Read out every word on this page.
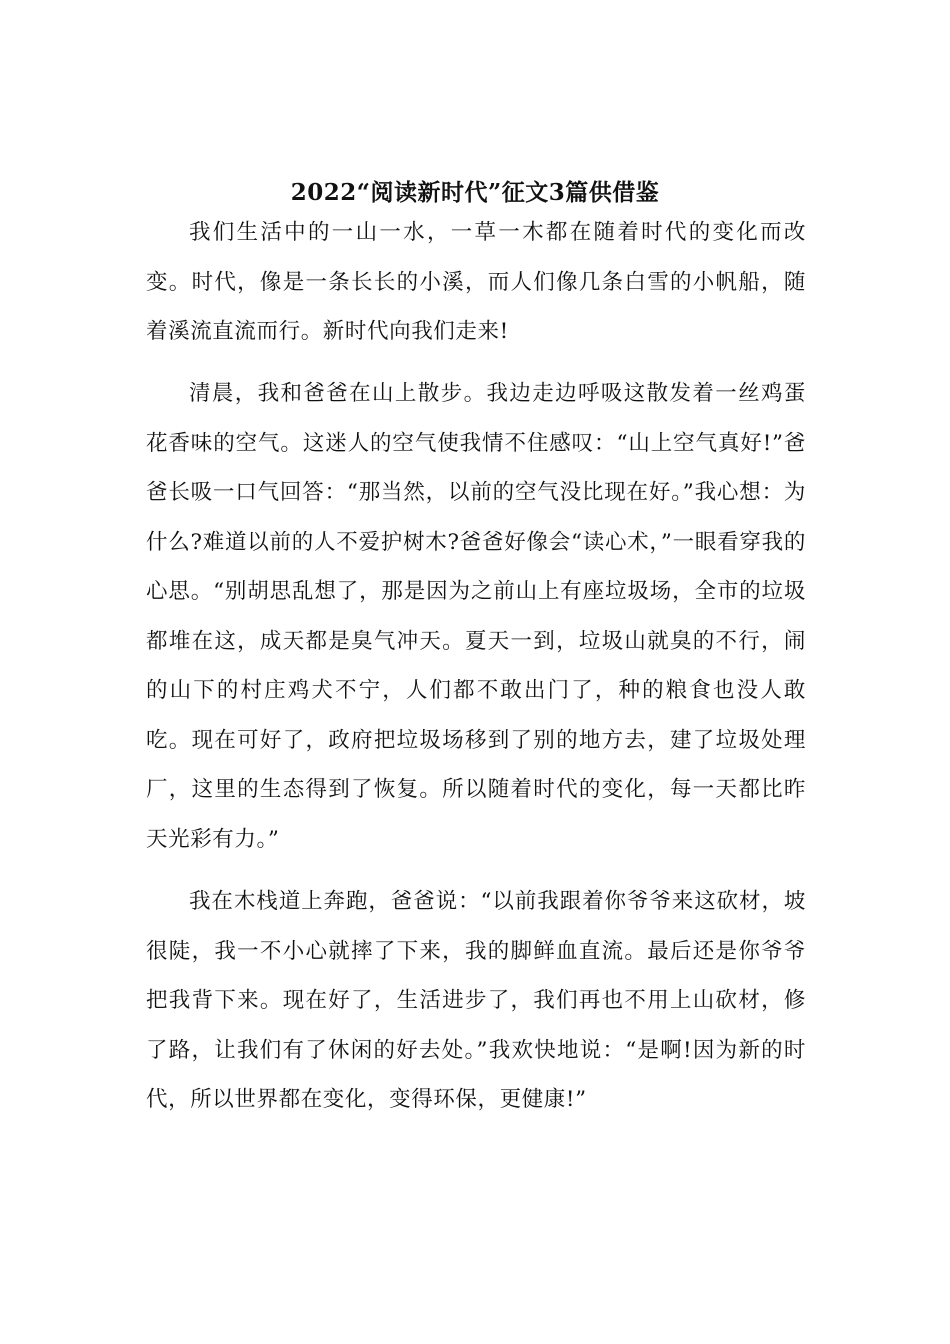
2022“阅读新时代”征文3篇供借鉴

我们生活中的一山一水，一草一木都在随着时代的变化而改变。时代，像是一条长长的小溪，而人们像几条白雪的小帆船，随着溪流直流而行。新时代向我们走来!

清晨，我和爸爸在山上散步。我边走边呼吸这散发着一丝鸡蛋花香味的空气。这迷人的空气使我情不住感叹：“山上空气真好!”爸爸长吸一口气回答：“那当然，以前的空气没比现在好。”我心想：为什么?难道以前的人不爱护树木?爸爸好像会“读心术，”一眼看穿我的心思。“别胡思乱想了，那是因为之前山上有座垃圾场，全市的垃圾都堆在这，成天都是臭气冲天。夏天一到，垃圾山就臭的不行，闹的山下的村庄鸡犬不宁，人们都不敢出门了，种的粮食也没人敢吃。现在可好了，政府把垃圾场移到了别的地方去，建了垃圾处理厂，这里的生态得到了恢复。所以随着时代的变化，每一天都比昨天光彩有力。”

我在木栈道上奔跑，爸爸说：“以前我跟着你爷爷来这砍材，坡很陡，我一不小心就摔了下来，我的脚鲜血直流。最后还是你爷爷把我背下来。现在好了，生活进步了，我们再也不用上山砍材，修了路，让我们有了休闲的好去处。”我欢快地说：“是啊!因为新的时代，所以世界都在变化，变得环保，更健康!”
